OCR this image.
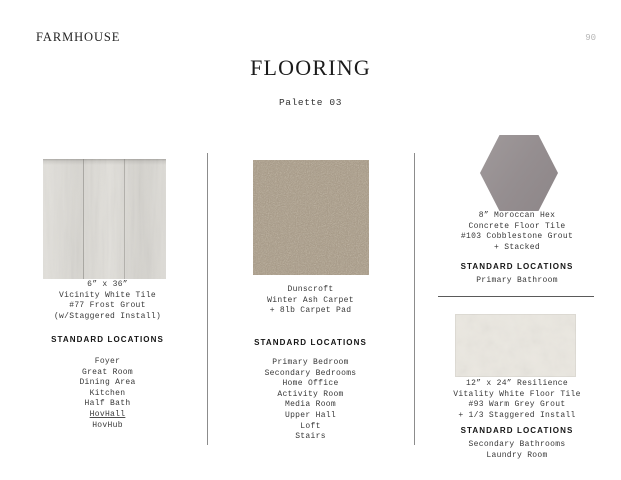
FARMHOUSE	90
FLOORING
Palette 03
6” x 36”
Vicinity White Tile
#77 Frost Grout
(w/Staggered Install)
STANDARD LOCATIONS
Foyer
Great Room
Dining Area
Kitchen
Half Bath
HovHall
HovHub
Dunscroft
Winter Ash Carpet
+ 8lb Carpet Pad
STANDARD LOCATIONS
Primary Bedroom
Secondary Bedrooms
Home Office
Activity Room
Media Room
Upper Hall
Loft
Stairs
8” Moroccan Hex
Concrete Floor Tile
#103 Cobblestone Grout
+ Stacked
STANDARD LOCATIONS
Primary Bathroom
12” x 24” Resilience
Vitality White Floor Tile
#93 Warm Grey Grout
+ 1/3 Staggered Install
STANDARD LOCATIONS
Secondary Bathrooms
Laundry Room
